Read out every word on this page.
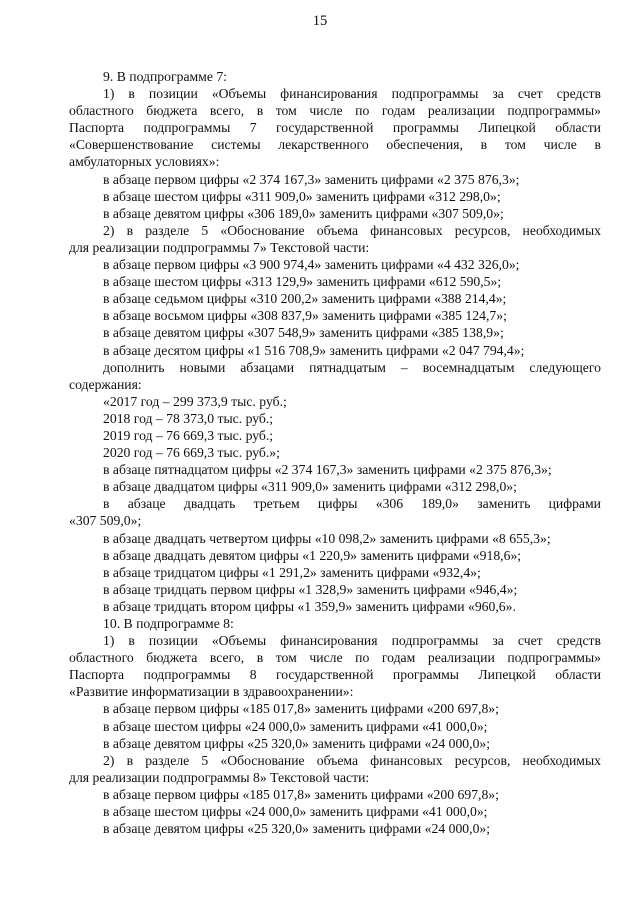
15
9. В подпрограмме 7:
1) в позиции «Объемы финансирования подпрограммы за счет средств
областного бюджета всего, в том числе по годам реализации подпрограммы»
Паспорта подпрограммы 7 государственной программы Липецкой области
«Совершенствование системы лекарственного обеспечения, в том числе в
амбулаторных условиях»:
в абзаце первом цифры «2 374 167,3» заменить цифрами «2 375 876,3»;
в абзаце шестом цифры «311 909,0» заменить цифрами «312 298,0»;
в абзаце девятом цифры «306 189,0» заменить цифрами «307 509,0»;
2) в разделе 5 «Обоснование объема финансовых ресурсов, необходимых
для реализации подпрограммы 7» Текстовой части:
в абзаце первом цифры «3 900 974,4» заменить цифрами «4 432 326,0»;
в абзаце шестом цифры «313 129,9» заменить цифрами «612 590,5»;
в абзаце седьмом цифры «310 200,2» заменить цифрами «388 214,4»;
в абзаце восьмом цифры «308 837,9» заменить цифрами «385 124,7»;
в абзаце девятом цифры «307 548,9» заменить цифрами «385 138,9»;
в абзаце десятом цифры «1 516 708,9» заменить цифрами «2 047 794,4»;
дополнить новыми абзацами пятнадцатым – восемнадцатым следующего
содержания:
«2017 год – 299 373,9 тыс. руб.;
2018 год – 78 373,0 тыс. руб.;
2019 год – 76 669,3 тыс. руб.;
2020 год – 76 669,3 тыс. руб.»;
в абзаце пятнадцатом цифры «2 374 167,3» заменить цифрами «2 375 876,3»;
в абзаце двадцатом цифры «311 909,0» заменить цифрами «312 298,0»;
в абзаце двадцать третьем цифры «306 189,0» заменить цифрами
«307 509,0»;
в абзаце двадцать четвертом цифры «10 098,2» заменить цифрами «8 655,3»;
в абзаце двадцать девятом цифры «1 220,9» заменить цифрами «918,6»;
в абзаце тридцатом цифры «1 291,2» заменить цифрами «932,4»;
в абзаце тридцать первом цифры «1 328,9» заменить цифрами «946,4»;
в абзаце тридцать втором цифры «1 359,9» заменить цифрами «960,6».
10. В подпрограмме 8:
1) в позиции «Объемы финансирования подпрограммы за счет средств
областного бюджета всего, в том числе по годам реализации подпрограммы»
Паспорта подпрограммы 8 государственной программы Липецкой области
«Развитие информатизации в здравоохранении»:
в абзаце первом цифры «185 017,8» заменить цифрами «200 697,8»;
в абзаце шестом цифры «24 000,0» заменить цифрами «41 000,0»;
в абзаце девятом цифры «25 320,0» заменить цифрами «24 000,0»;
2) в разделе 5 «Обоснование объема финансовых ресурсов, необходимых
для реализации подпрограммы 8» Текстовой части:
в абзаце первом цифры «185 017,8» заменить цифрами «200 697,8»;
в абзаце шестом цифры «24 000,0» заменить цифрами «41 000,0»;
в абзаце девятом цифры «25 320,0» заменить цифрами «24 000,0»;
